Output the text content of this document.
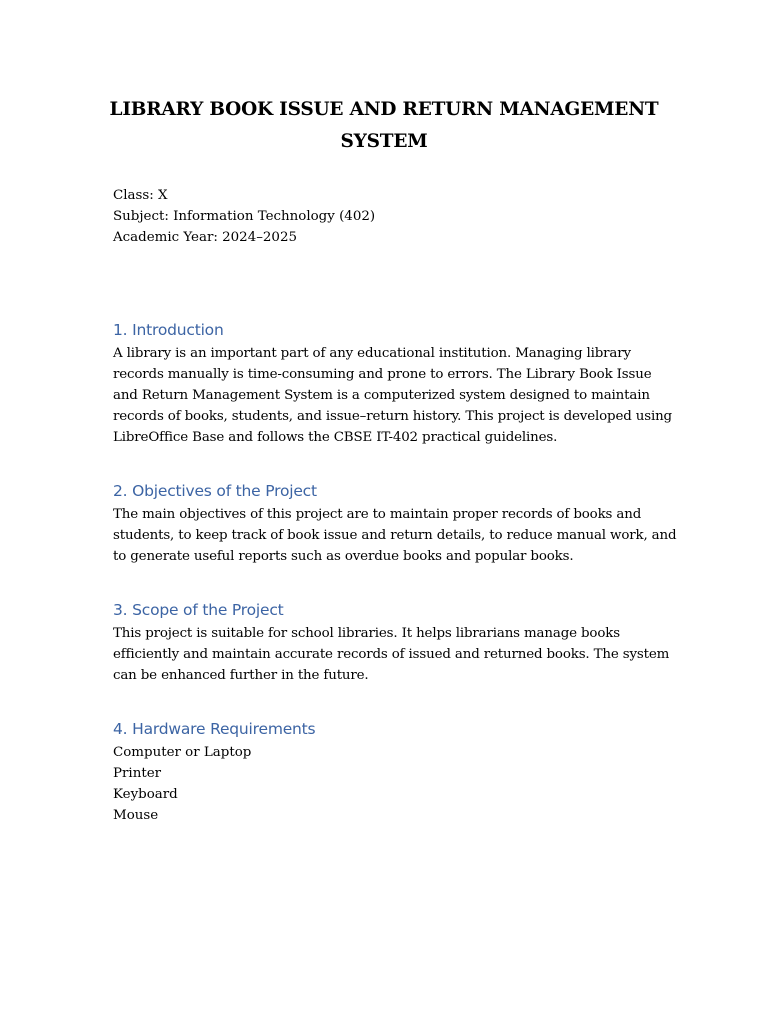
LIBRARY BOOK ISSUE AND RETURN MANAGEMENT
SYSTEM
Class: X
Subject: Information Technology (402)
Academic Year: 2024–2025
1. Introduction

A library is an important part of any educational institution. Managing library
records manually is time-consuming and prone to errors. The Library Book Issue
and Return Management System is a computerized system designed to maintain
records of books, students, and issue–return history. This project is developed using
LibreOffice Base and follows the CBSE IT-402 practical guidelines.

2. Objectives of the Project

The main objectives of this project are to maintain proper records of books and
students, to keep track of book issue and return details, to reduce manual work, and
to generate useful reports such as overdue books and popular books.

3. Scope of the Project

This project is suitable for school libraries. It helps librarians manage books
efficiently and maintain accurate records of issued and returned books. The system
can be enhanced further in the future.

4. Hardware Requirements
Computer or Laptop
Printer
Keyboard
Mouse
